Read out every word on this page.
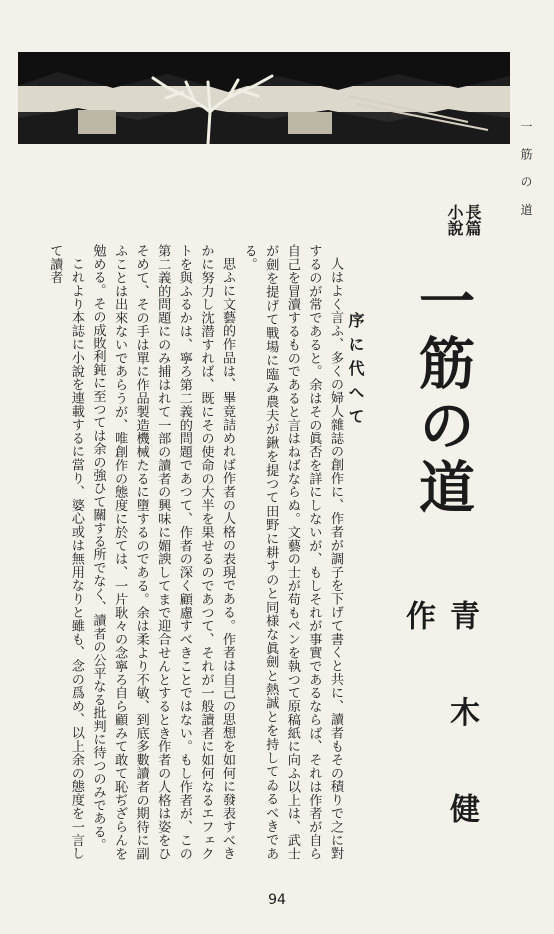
一 筋 の 道
長篇
小說
一筋の道
青 木 健 作
序に代へて

人はよく言ふ、多くの婦人雜誌の創作に、作者が調子を下げて書くと共に、讀者もその積りで之に對するのが常であると。余はその眞否を詳にしないが、もしそれが事實であるならば、それは作者が自ら自己を冒瀆するものであると言はねばならぬ。文藝の士が苟もペンを執つて原稿紙に向ふ以上は、武士が劍を提げて戰場に臨み農夫が鍬を提つて田野に耕すのと同様な眞劍と熱誠とを持してゐるべきである。

思ふに文藝的作品は、畢竟詰めれば作者の人格の表現である。作者は自己の思想を如何に發表すべきかに努力し沈潜すれば、既にその使命の大半を果せるのであつて、それが一般讀者に如何なるエフェクトを與ふるかは、寧ろ第二義的問題であつて、作者の深く顧慮すべきことではない。もし作者が、この第二義的問題にのみ捕はれて一部の讀者の興味に媚諛してまで迎合せんとするとき作者の人格は姿をひそめて、その手は單に作品製造機械たるに墮するのである。余は柔より不敏、到底多數讀者の期待に副ふことは出來ないであらうが、唯創作の態度に於ては、一片耿々の念寧ろ自ら顧みて敢て恥ぢざらんを勉める。その成敗利鈍に至つては余の強ひて關する所でなく、讀者の公平なる批判に待つのみである。

これより本誌に小說を連載するに當り、婆心或は無用なりと雖も、念の爲め、以上余の態度を一言して讀者

94
